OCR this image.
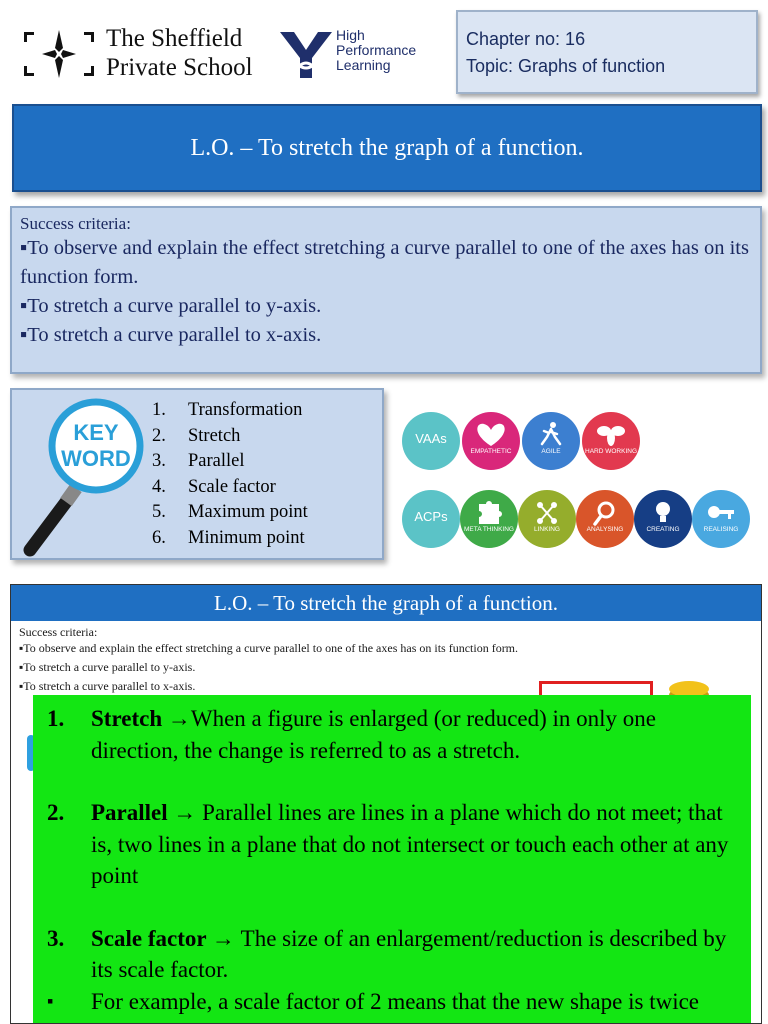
The Sheffield
Private School
High
Performance
Learning
Chapter no: 16
Topic: Graphs of function
L.O. – To stretch the graph of a function.
Success criteria:
▪To observe and explain the effect stretching a curve parallel to one of the axes has on its function form.
▪To stretch a curve parallel to y-axis.
▪To stretch a curve parallel to x-axis.
KEY
WORD
1. Transformation
2. Stretch
3. Parallel
4. Scale factor
5. Maximum point
6. Minimum point
VAAs
EMPATHETIC	AGILE	HARD WORKING
ACPs
META THINKING	LINKING	ANALYSING	CREATING	REALISING
L.O. – To stretch the graph of a function.
Success criteria:
▪To observe and explain the effect stretching a curve parallel to one of the axes has on its function form.
▪To stretch a curve parallel to y-axis.
▪To stretch a curve parallel to x-axis.
1. Stretch →When a figure is enlarged (or reduced) in only one direction, the change is referred to as a stretch.
2. Parallel → Parallel lines are lines in a plane which do not meet; that is, two lines in a plane that do not intersect or touch each other at any point
3. Scale factor → The size of an enlargement/reduction is described by its scale factor.
▪ For example, a scale factor of 2 means that the new shape is twice
